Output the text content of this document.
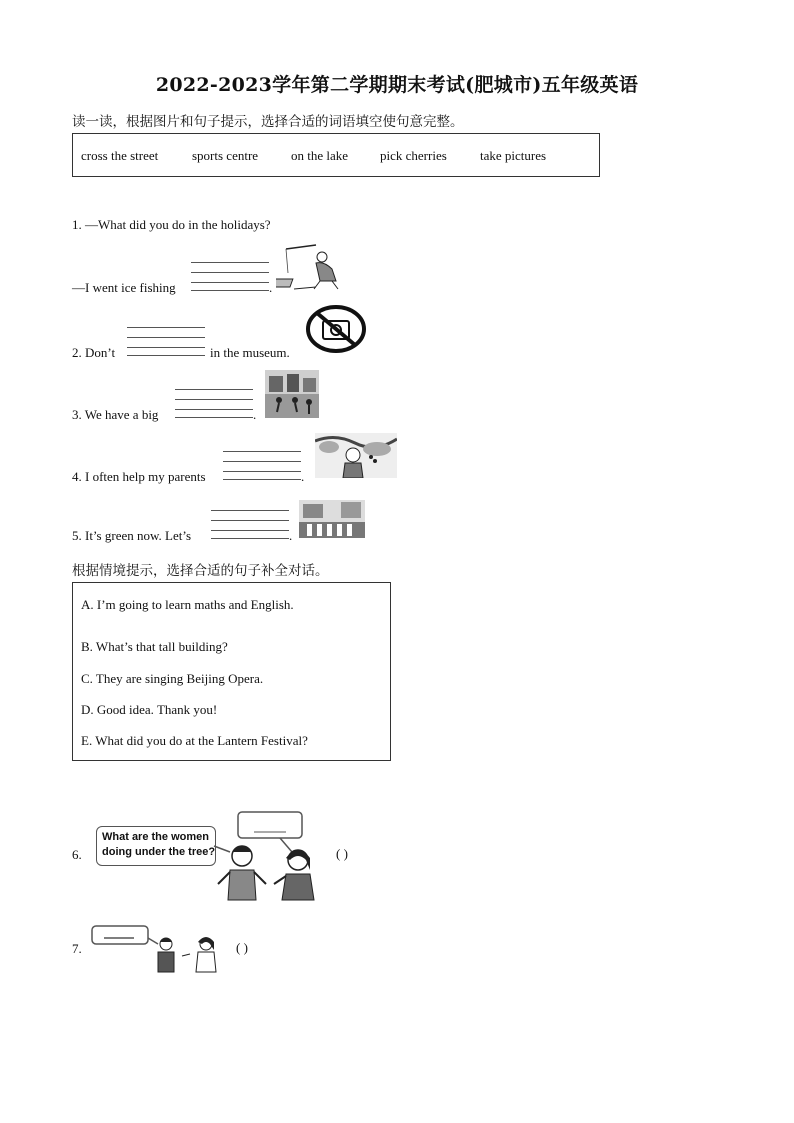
2022-2023学年第二学期期末考试(肥城市)五年级英语
读一读，根据图片和句子提示，选择合适的词语填空使句意完整。
cross the street	sports centre	on the lake pick cherries	take pictures
1. —What did you do in the holidays?
—I went ice fishing	.
2. Don’t	in the museum.
3. We have a big	.
4. I often help my parents	.
5. It’s green now. Let’s	.
根据情境提示，选择合适的句子补全对话。
A. I’m going to learn maths and English.
B. What’s that tall building?
C. They are singing Beijing Opera.
D. Good idea. Thank you!
E. What did you do at the Lantern Festival?
6.
What are the women
doing under the tree?	( )
7.	( )
